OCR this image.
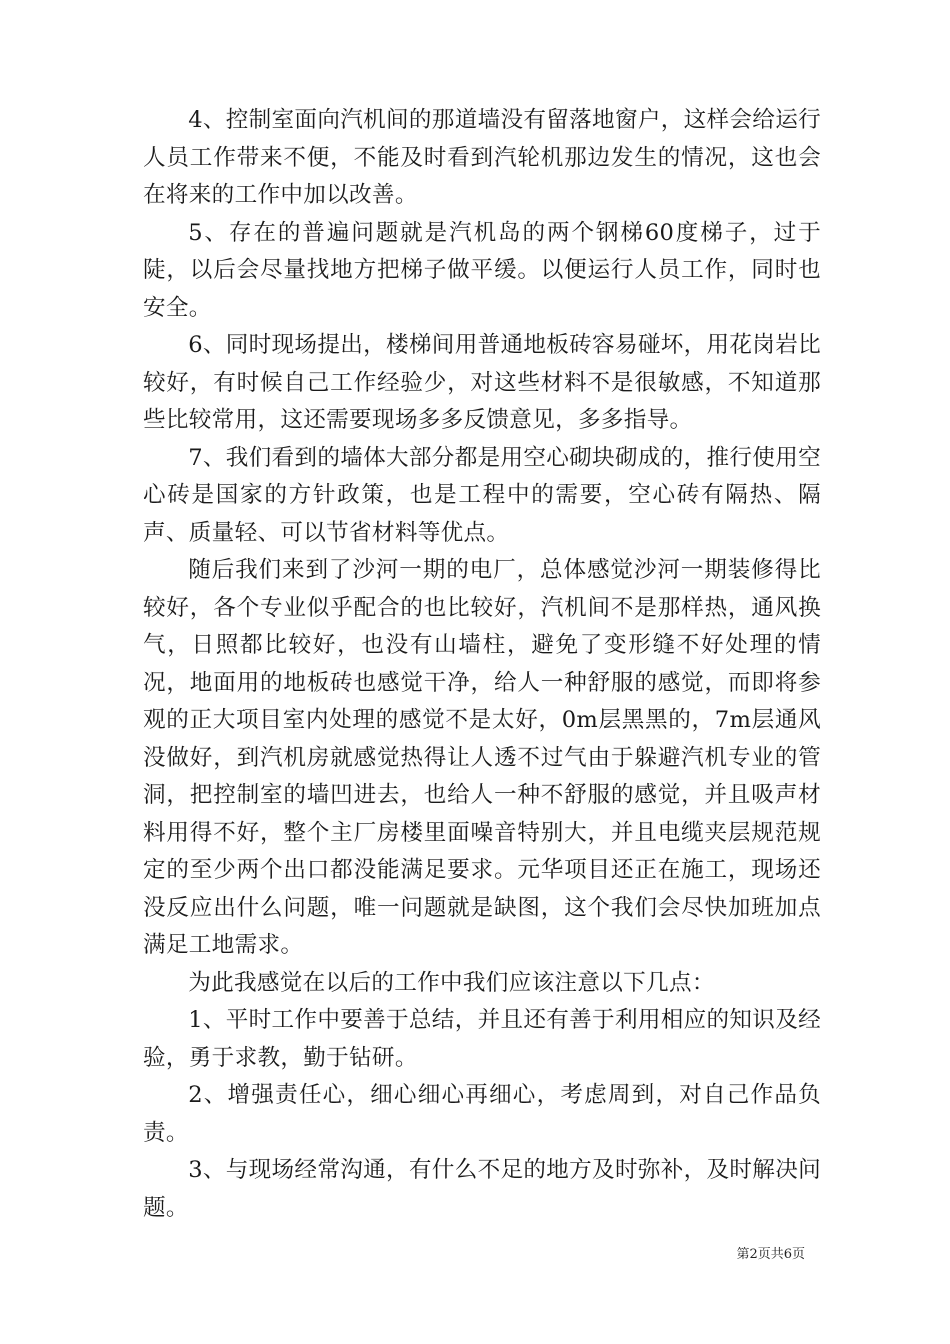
4、控制室面向汽机间的那道墙没有留落地窗户，这样会给运行人员工作带来不便，不能及时看到汽轮机那边发生的情况，这也会在将来的工作中加以改善。

5、存在的普遍问题就是汽机岛的两个钢梯60度梯子，过于陡，以后会尽量找地方把梯子做平缓。以便运行人员工作，同时也安全。

6、同时现场提出，楼梯间用普通地板砖容易碰坏，用花岗岩比较好，有时候自己工作经验少，对这些材料不是很敏感，不知道那些比较常用，这还需要现场多多反馈意见，多多指导。

7、我们看到的墙体大部分都是用空心砌块砌成的，推行使用空心砖是国家的方针政策，也是工程中的需要，空心砖有隔热、隔声、质量轻、可以节省材料等优点。

随后我们来到了沙河一期的电厂，总体感觉沙河一期装修得比较好，各个专业似乎配合的也比较好，汽机间不是那样热，通风换气，日照都比较好，也没有山墙柱，避免了变形缝不好处理的情况，地面用的地板砖也感觉干净，给人一种舒服的感觉，而即将参观的正大项目室内处理的感觉不是太好，0m层黑黑的，7m层通风没做好，到汽机房就感觉热得让人透不过气由于躲避汽机专业的管洞，把控制室的墙凹进去，也给人一种不舒服的感觉，并且吸声材料用得不好，整个主厂房楼里面噪音特别大，并且电缆夹层规范规定的至少两个出口都没能满足要求。元华项目还正在施工，现场还没反应出什么问题，唯一问题就是缺图，这个我们会尽快加班加点满足工地需求。

为此我感觉在以后的工作中我们应该注意以下几点：

1、平时工作中要善于总结，并且还有善于利用相应的知识及经验，勇于求教，勤于钻研。

2、增强责任心，细心细心再细心，考虑周到，对自己作品负责。

3、与现场经常沟通，有什么不足的地方及时弥补，及时解决问题。

第2页共6页
